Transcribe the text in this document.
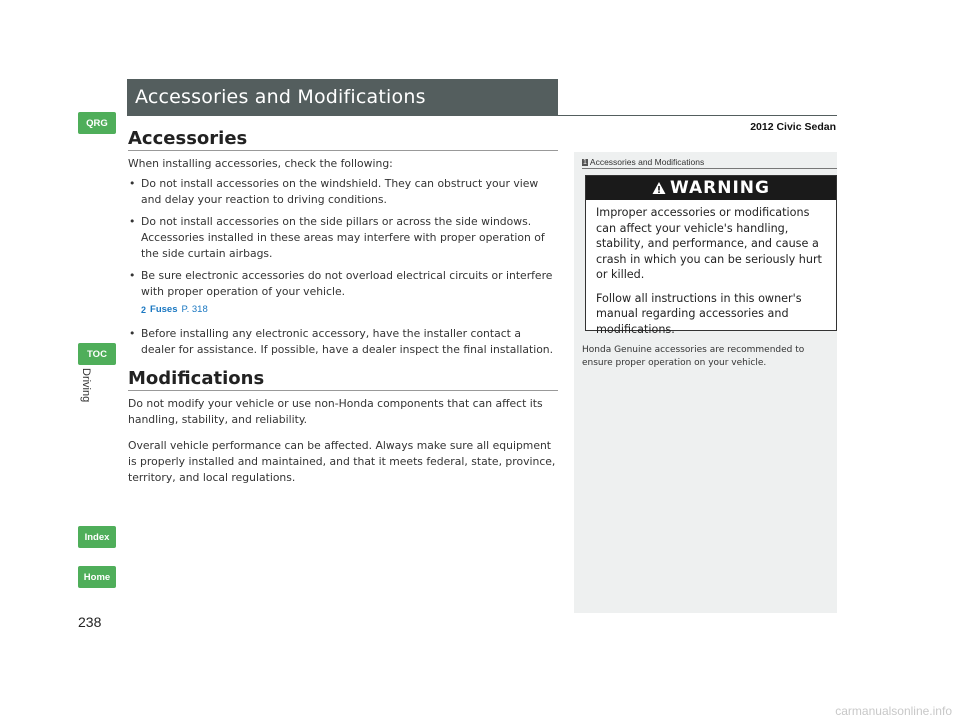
QRG
TOC
Driving
Index
Home
Accessories and Modifications
2012 Civic Sedan
Accessories

When installing accessories, check the following:

• Do not install accessories on the windshield. They can obstruct your view and delay your reaction to driving conditions.
• Do not install accessories on the side pillars or across the side windows. Accessories installed in these areas may interfere with proper operation of the side curtain airbags.
• Be sure electronic accessories do not overload electrical circuits or interfere with proper operation of your vehicle.
2 Fuses P. 318
• Before installing any electronic accessory, have the installer contact a dealer for assistance. If possible, have a dealer inspect the final installation.
Modifications

Do not modify your vehicle or use non-Honda components that can affect its handling, stability, and reliability.

Overall vehicle performance can be affected. Always make sure all equipment is properly installed and maintained, and that it meets federal, state, province, territory, and local regulations.

1 Accessories and Modifications
WARNING

Improper accessories or modifications can affect your vehicle's handling, stability, and performance, and cause a crash in which you can be seriously hurt or killed.

Follow all instructions in this owner's manual regarding accessories and modifications.

Honda Genuine accessories are recommended to ensure proper operation on your vehicle.
238
carmanualsonline.info
